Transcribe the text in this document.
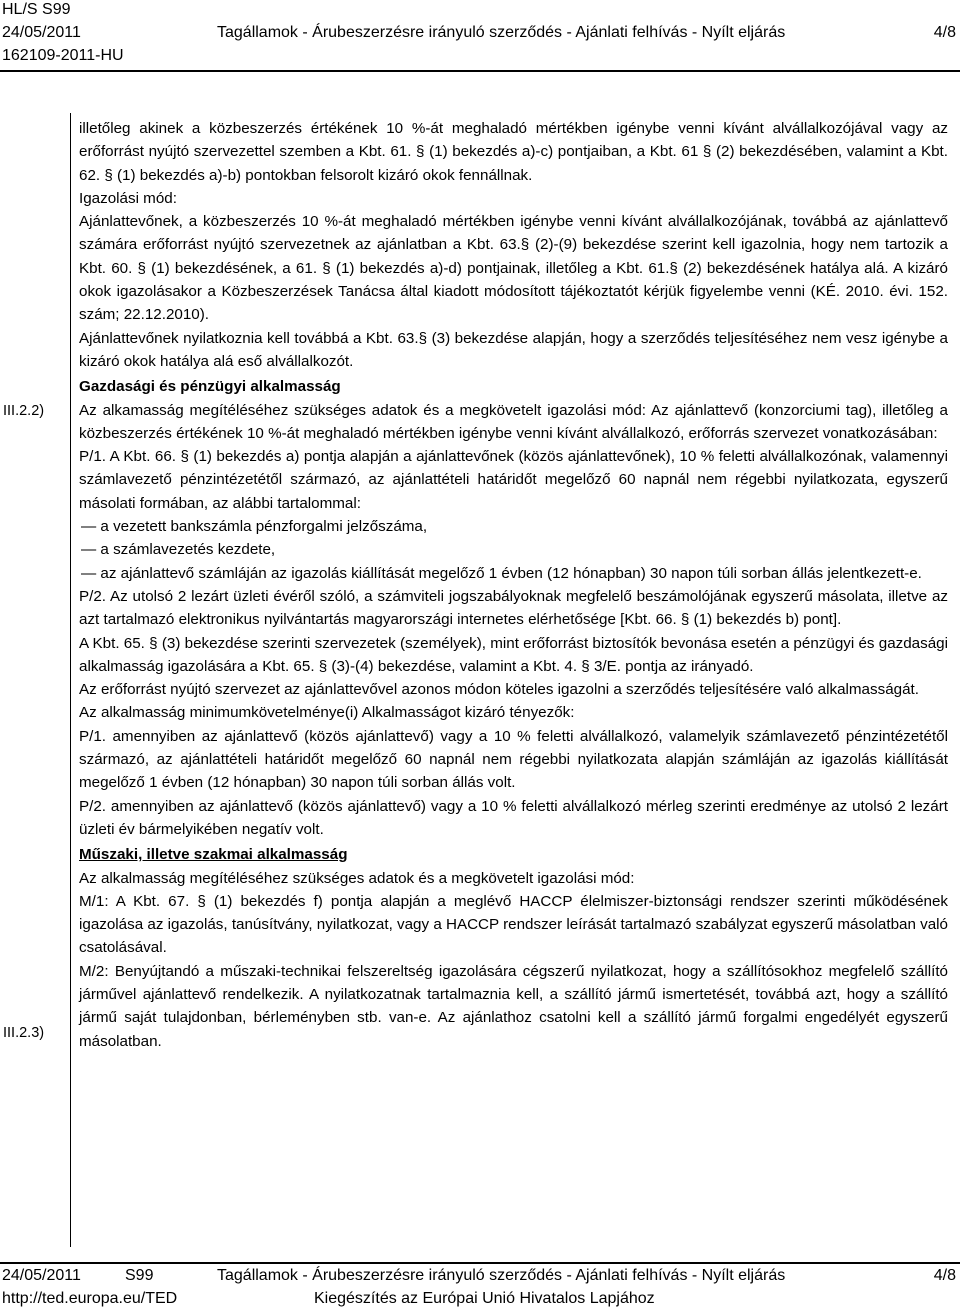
HL/S S99
24/05/2011
162109-2011-HU
Tagállamok - Árubeszerzésre irányuló szerződés - Ajánlati felhívás - Nyílt eljárás	4/8
III.2.2)
III.2.3)

illetőleg akinek a közbeszerzés értékének 10 %-át meghaladó mértékben igénybe venni kívánt alvállalkozójával vagy az erőforrást nyújtó szervezettel szemben a Kbt. 61. § (1) bekezdés a)-c) pontjaiban, a Kbt. 61 § (2) bekezdésében, valamint a Kbt. 62. § (1) bekezdés a)-b) pontokban felsorolt kizáró okok fennállnak.

Igazolási mód:

Ajánlattevőnek, a közbeszerzés 10 %-át meghaladó mértékben igénybe venni kívánt alvállalkozójának, továbbá az ajánlattevő számára erőforrást nyújtó szervezetnek az ajánlatban a Kbt. 63.§ (2)-(9) bekezdése szerint kell igazolnia, hogy nem tartozik a Kbt. 60. § (1) bekezdésének, a 61. § (1) bekezdés a)-d) pontjainak, illetőleg a Kbt. 61.§ (2) bekezdésének hatálya alá. A kizáró okok igazolásakor a Közbeszerzések Tanácsa által kiadott módosított tájékoztatót kérjük figyelembe venni (KÉ. 2010. évi. 152. szám; 22.12.2010).

Ajánlattevőnek nyilatkoznia kell továbbá a Kbt. 63.§ (3) bekezdése alapján, hogy a szerződés teljesítéséhez nem vesz igénybe a kizáró okok hatálya alá eső alvállalkozót.

Gazdasági és pénzügyi alkalmasság

Az alkamasság megítéléséhez szükséges adatok és a megkövetelt igazolási mód: Az ajánlattevő (konzorciumi tag), illetőleg a közbeszerzés értékének 10 %-át meghaladó mértékben igénybe venni kívánt alvállalkozó, erőforrás szervezet vonatkozásában:

P/1. A Kbt. 66. § (1) bekezdés a) pontja alapján a ajánlattevőnek (közös ajánlattevőnek), 10 % feletti alvállalkozónak, valamennyi számlavezető pénzintézetétől származó, az ajánlattételi határidőt megelőző 60 napnál nem régebbi nyilatkozata, egyszerű másolati formában, az alábbi tartalommal:

— a vezetett bankszámla pénzforgalmi jelzőszáma,

— a számlavezetés kezdete,

— az ajánlattevő számláján az igazolás kiállítását megelőző 1 évben (12 hónapban) 30 napon túli sorban állás jelentkezett-e.

P/2. Az utolsó 2 lezárt üzleti évéről szóló, a számviteli jogszabályoknak megfelelő beszámolójának egyszerű másolata, illetve az azt tartalmazó elektronikus nyilvántartás magyarországi internetes elérhetősége [Kbt. 66. § (1) bekezdés b) pont].

A Kbt. 65. § (3) bekezdése szerinti szervezetek (személyek), mint erőforrást biztosítók bevonása esetén a pénzügyi és gazdasági alkalmasság igazolására a Kbt. 65. § (3)-(4) bekezdése, valamint a Kbt. 4. § 3/E. pontja az irányadó.

Az erőforrást nyújtó szervezet az ajánlattevővel azonos módon köteles igazolni a szerződés teljesítésére való alkalmasságát.

Az alkalmasság minimumkövetelménye(i) Alkalmasságot kizáró tényezők:

P/1. amennyiben az ajánlattevő (közös ajánlattevő) vagy a 10 % feletti alvállalkozó, valamelyik számlavezető pénzintézetétől származó, az ajánlattételi határidőt megelőző 60 napnál nem régebbi nyilatkozata alapján számláján az igazolás kiállítását megelőző 1 évben (12 hónapban) 30 napon túli sorban állás volt.

P/2. amennyiben az ajánlattevő (közös ajánlattevő) vagy a 10 % feletti alvállalkozó mérleg szerinti eredménye az utolsó 2 lezárt üzleti év bármelyikében negatív volt.

Műszaki, illetve szakmai alkalmasság

Az alkalmasság megítéléséhez szükséges adatok és a megkövetelt igazolási mód:

M/1: A Kbt. 67. § (1) bekezdés f) pontja alapján a meglévő HACCP élelmiszer-biztonsági rendszer szerinti működésének igazolása az igazolás, tanúsítvány, nyilatkozat, vagy a HACCP rendszer leírását tartalmazó szabályzat egyszerű másolatban való csatolásával.

M/2: Benyújtandó a műszaki-technikai felszereltség igazolására cégszerű nyilatkozat, hogy a szállítósokhoz megfelelő szállító járművel ajánlattevő rendelkezik. A nyilatkozatnak tartalmaznia kell, a szállító jármű ismertetését, továbbá azt, hogy a szállító jármű saját tulajdonban, bérleményben stb. van-e. Az ajánlathoz csatolni kell a szállító jármű forgalmi engedélyét egyszerű másolatban.

24/05/2011	S99	Tagállamok - Árubeszerzésre irányuló szerződés - Ajánlati felhívás - Nyílt eljárás	4/8
http://ted.europa.eu/TED	Kiegészítés az Európai Unió Hivatalos Lapjához
